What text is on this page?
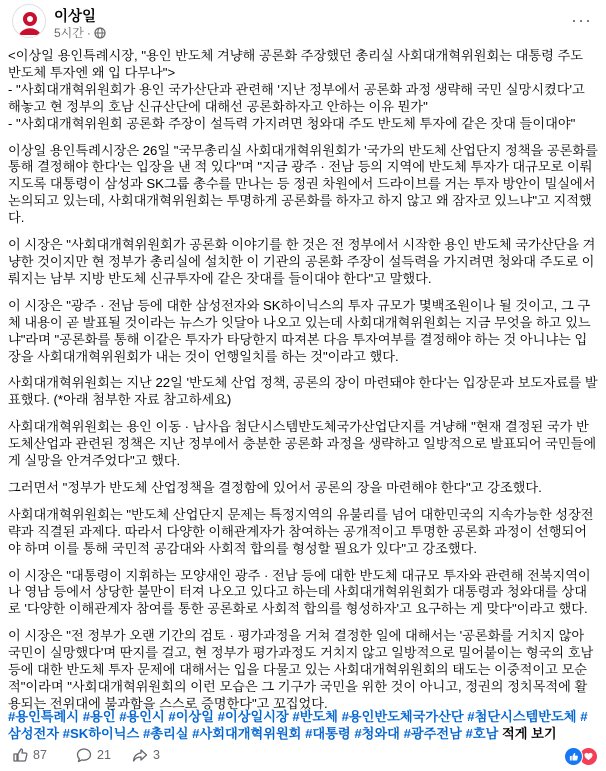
이상일
5시간 ·
···

<이상일 용인특례시장, "용인 반도체 겨냥해 공론화 주장했던 총리실 사회대개혁위원회는 대통령 주도 반도체 투자엔 왜 입 다무나">
- "사회대개혁위원회가 용인 국가산단과 관련해 '지난 정부에서 공론화 과정 생략해 국민 실망시켰다'고 해놓고 현 정부의 호남 신규산단에 대해선 공론화하자고 안하는 이유 뭔가"
- "사회대개혁위원회 공론화 주장이 설득력 가지려면 청와대 주도 반도체 투자에 같은 잣대 들이대야"

이상일 용인특례시장은 26일 "국무총리실 사회대개혁위원회가 '국가의 반도체 산업단지 정책을 공론화를 통해 결정해야 한다'는 입장을 낸 적 있다"며 "지금 광주 · 전남 등의 지역에 반도체 투자가 대규모로 이뤄지도록 대통령이 삼성과 SK그룹 총수를 만나는 등 정권 차원에서 드라이브를 거는 투자 방안이 밀실에서 논의되고 있는데, 사회대개혁위원회는 투명하게 공론화를 하자고 하지 않고 왜 잠자코 있느냐"고 지적했다.

이 시장은 "사회대개혁위원회가 공론화 이야기를 한 것은 전 정부에서 시작한 용인 반도체 국가산단을 겨냥한 것이지만 현 정부가 총리실에 설치한 이 기관의 공론화 주장이 설득력을 가지려면 청와대 주도로 이뤄지는 남부 지방 반도체 신규투자에 같은 잣대를 들이대야 한다"고 말했다.

이 시장은 "광주 · 전남 등에 대한 삼성전자와 SK하이닉스의 투자 규모가 몇백조원이나 될 것이고, 그 구체 내용이 곧 발표될 것이라는 뉴스가 잇달아 나오고 있는데 사회대개혁위원회는 지금 무엇을 하고 있느냐"라며 "공론화를 통해 이같은 투자가 타당한지 따져본 다음 투자여부를 결정해야 하는 것 아니냐는 입장을 사회대개혁위원회가 내는 것이 언행일치를 하는 것"이라고 했다.

사회대개혁위원회는 지난 22일 '반도체 산업 정책, 공론의 장이 마련돼야 한다'는 입장문과 보도자료를 발표했다. (*아래 첨부한 자료 참고하세요)

사회대개혁위원회는 용인 이동 · 남사읍 첨단시스템반도체국가산업단지를 겨냥해 "현재 결정된 국가 반도체산업과 관련된 정책은 지난 정부에서 충분한 공론화 과정을 생략하고 일방적으로 발표되어 국민들에게 실망을 안겨주었다"고 했다.

그러면서 "정부가 반도체 산업정책을 결정함에 있어서 공론의 장을 마련해야 한다"고 강조했다.

사회대개혁위원회는 "반도체 산업단지 문제는 특정지역의 유불리를 넘어 대한민국의 지속가능한 성장전략과 직결된 과제다. 따라서 다양한 이해관계자가 참여하는 공개적이고 투명한 공론화 과정이 선행되어야 하며 이를 통해 국민적 공감대와 사회적 합의를 형성할 필요가 있다"고 강조했다.

이 시장은 "대통령이 지휘하는 모양새인 광주 · 전남 등에 대한 반도체 대규모 투자와 관련해 전북지역이나 영남 등에서 상당한 불만이 터져 나오고 있다고 하는데 사회대개혁위원회가 대통령과 청와대를 상대로 '다양한 이해관계자 참여를 통한 공론화로 사회적 합의를 형성하자'고 요구하는 게 맞다"이라고 했다.

이 시장은 "전 정부가 오랜 기간의 검토 · 평가과정을 거쳐 결정한 일에 대해서는 '공론화를 거치지 않아 국민이 실망했다'며 딴지를 걸고, 현 정부가 평가과정도 거치지 않고 일방적으로 밀어붙이는 형국의 호남 등에 대한 반도체 투자 문제에 대해서는 입을 다물고 있는 사회대개혁위원회의 태도는 이중적이고 모순적"이라며 "사회대개혁위원회의 이런 모습은 그 기구가 국민을 위한 것이 아니고, 정권의 정치목적에 활용되는 전위대에 불과함을 스스로 증명한다"고 꼬집었다.

#용인특례시 #용인 #용인시 #이상일 #이상일시장 #반도체 #용인반도체국가산단 #첨단시스템반도체 #삼성전자 #SK하이닉스 #총리실 #사회대개혁위원회 #대통령 #청와대 #광주전남 #호남 적게 보기
87	21	3
